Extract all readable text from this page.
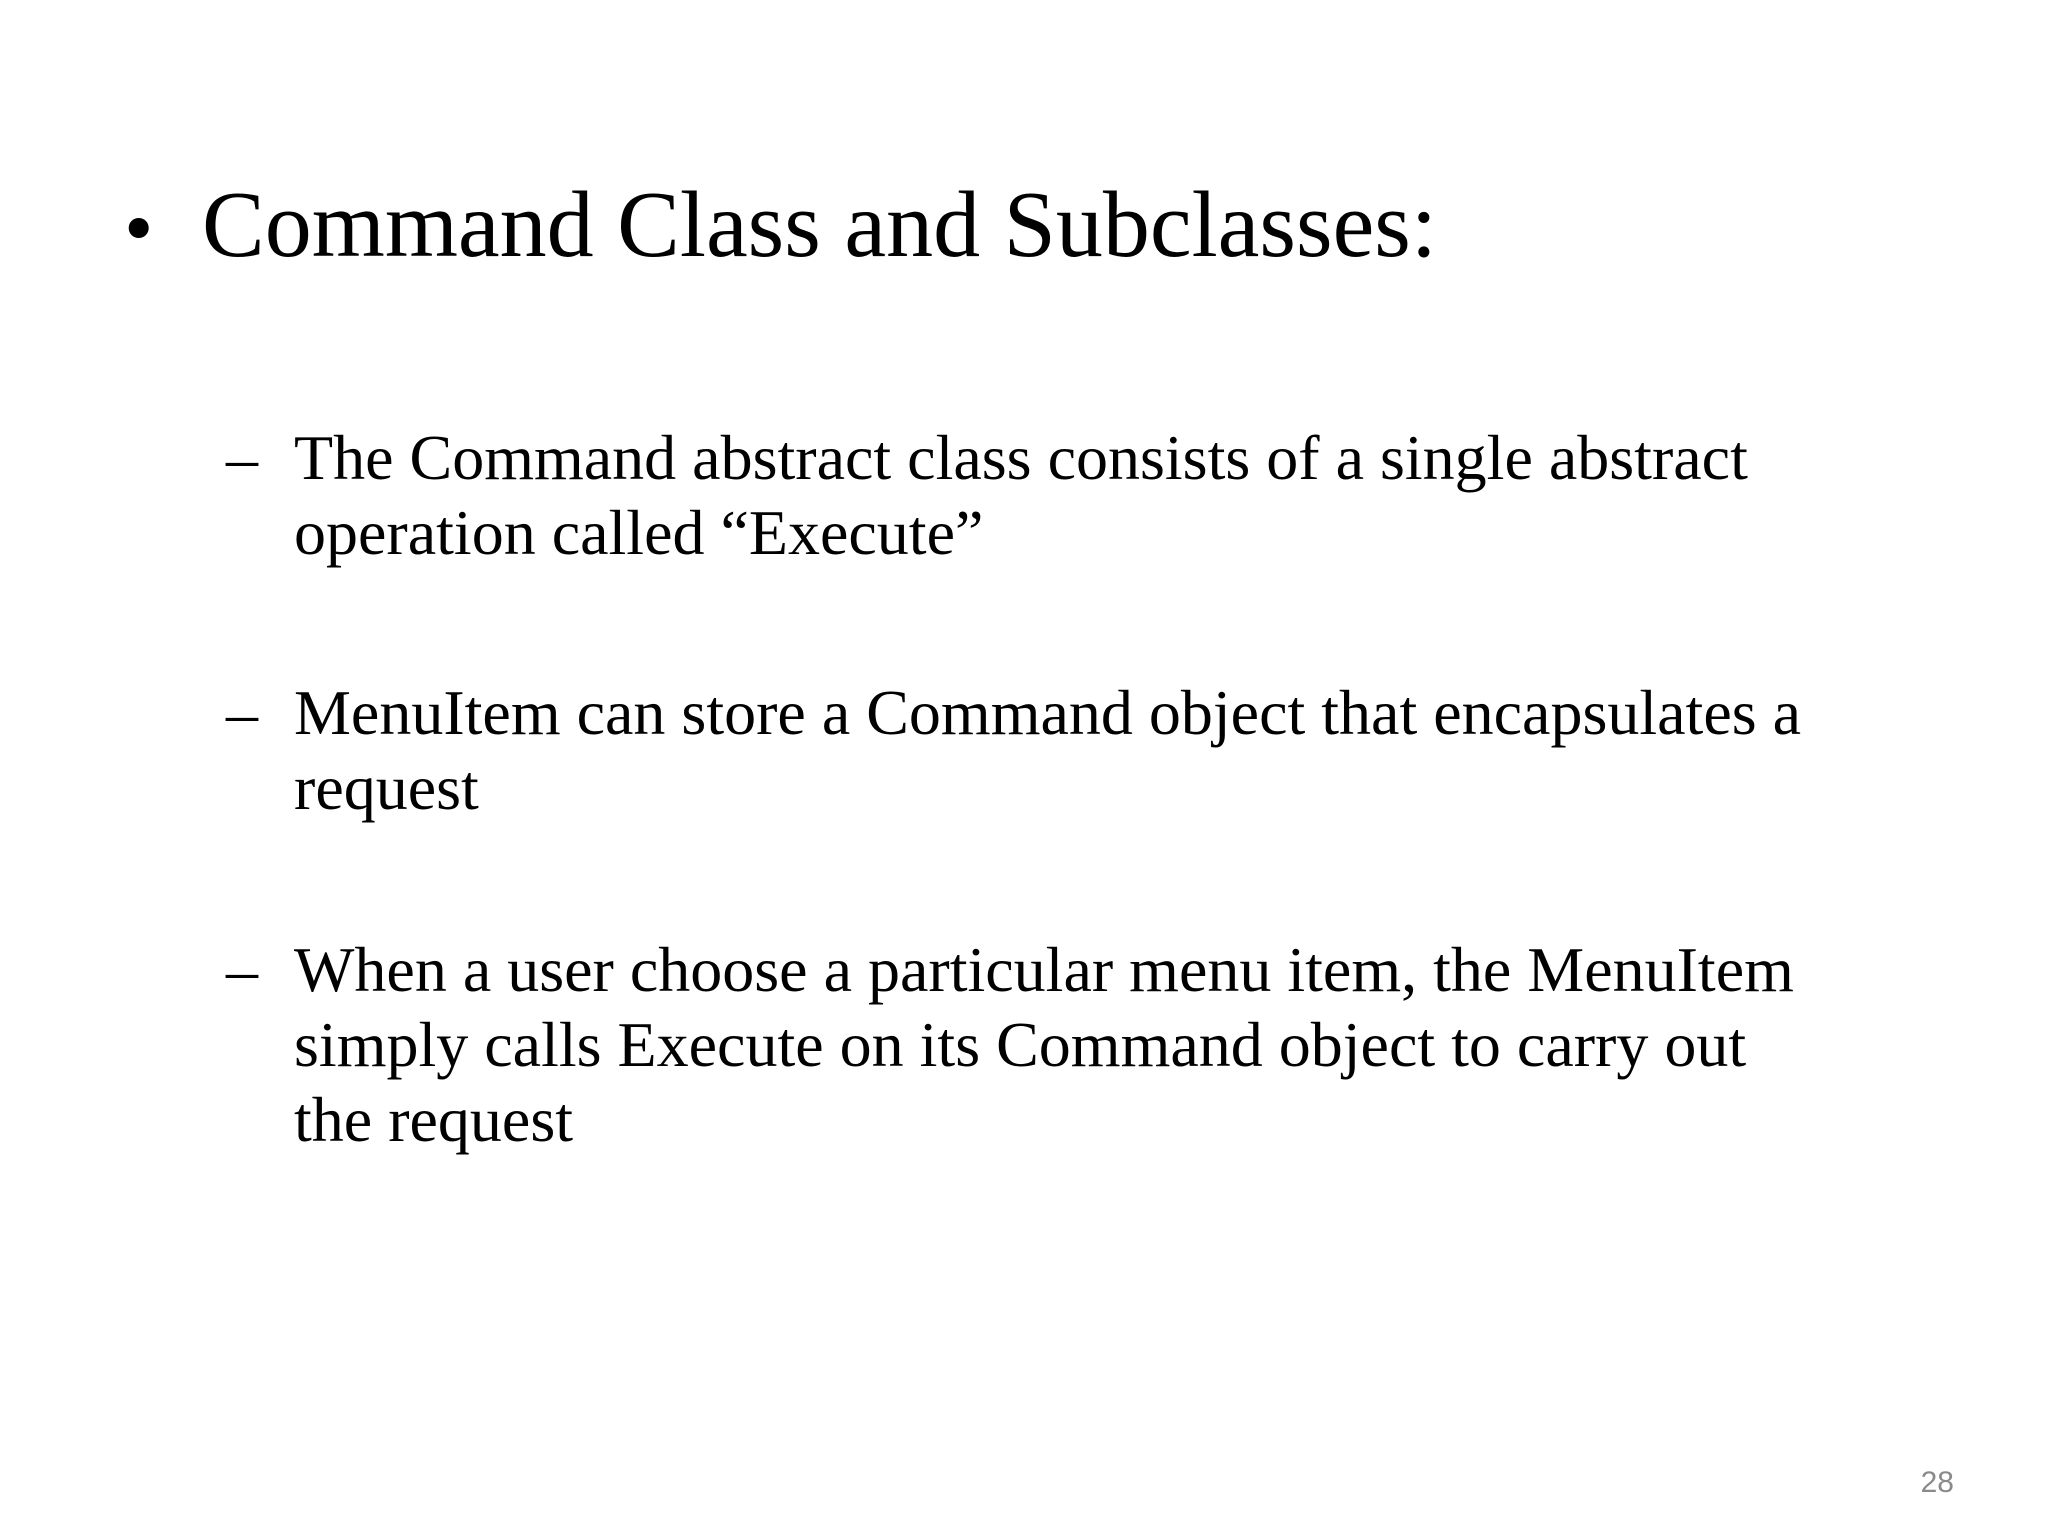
• Command Class and Subclasses:
– The Command abstract class consists of a single abstract
operation called “Execute”
– MenuItem can store a Command object that encapsulates a
request
– When a user choose a particular menu item, the MenuItem
simply calls Execute on its Command object to carry out
the request
28
